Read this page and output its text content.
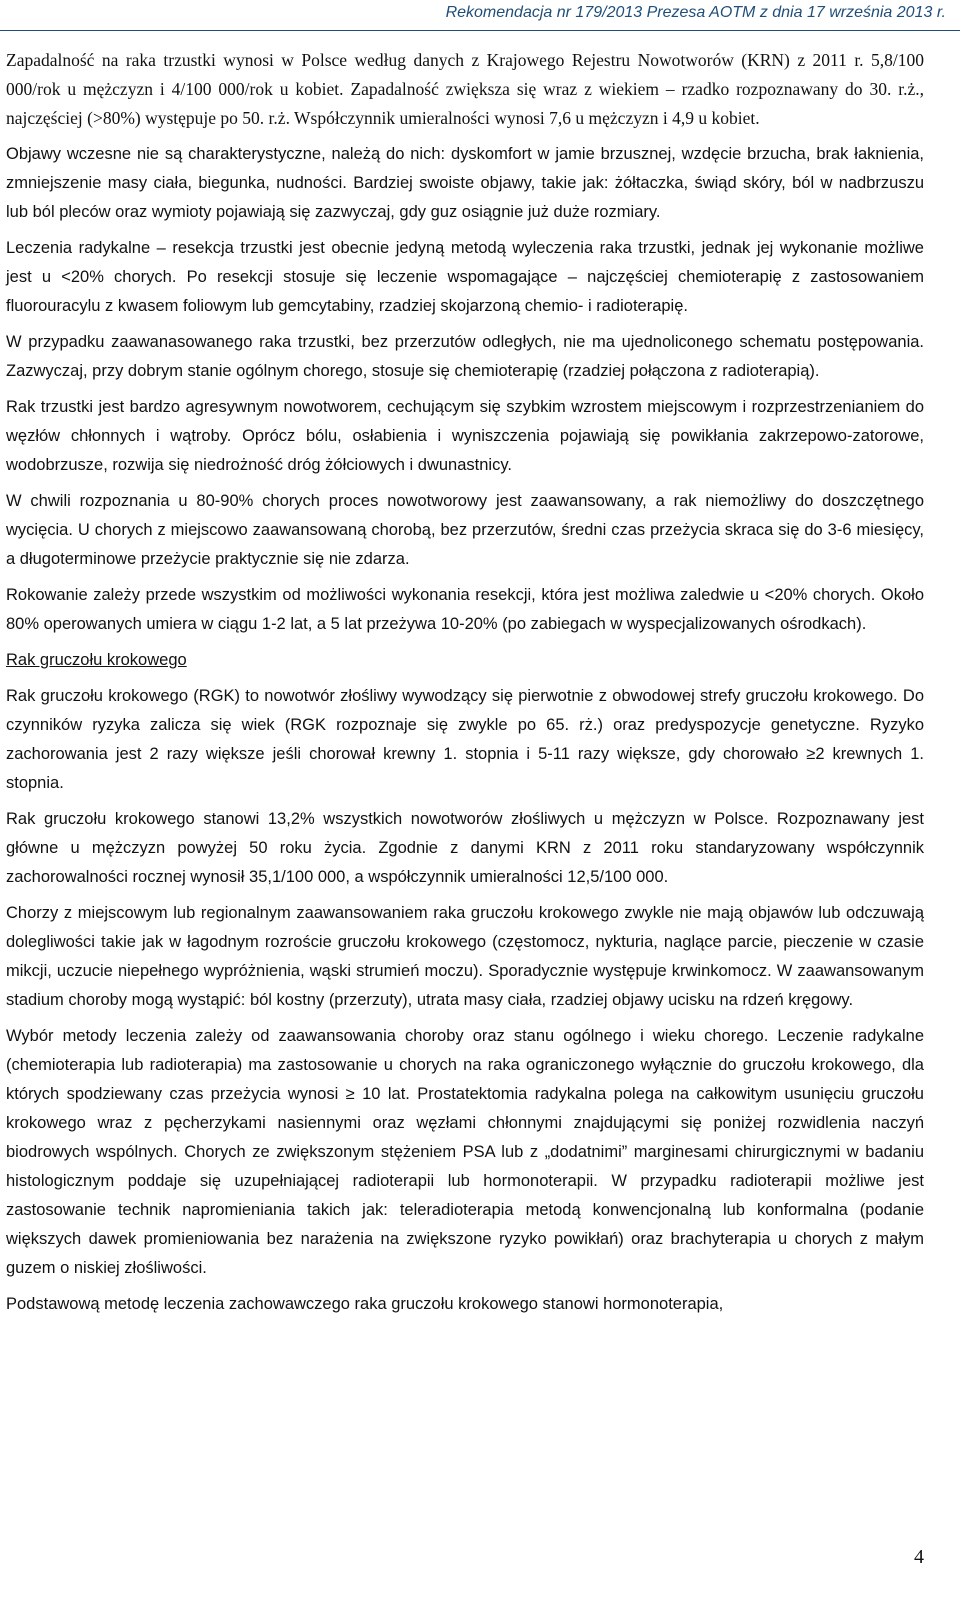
Rekomendacja nr 179/2013 Prezesa AOTM z dnia 17 września 2013 r.

Zapadalność na raka trzustki wynosi w Polsce według danych z Krajowego Rejestru Nowotworów (KRN) z 2011 r. 5,8/100 000/rok u mężczyzn i 4/100 000/rok u kobiet. Zapadalność zwiększa się wraz z wiekiem – rzadko rozpoznawany do 30. r.ż., najczęściej (>80%) występuje po 50. r.ż. Współczynnik umieralności wynosi 7,6 u mężczyzn i 4,9 u kobiet.

Objawy wczesne nie są charakterystyczne, należą do nich: dyskomfort w jamie brzusznej, wzdęcie brzucha, brak łaknienia, zmniejszenie masy ciała, biegunka, nudności. Bardziej swoiste objawy, takie jak: żółtaczka, świąd skóry, ból w nadbrzuszu lub ból pleców oraz wymioty pojawiają się zazwyczaj, gdy guz osiągnie już duże rozmiary.

Leczenia radykalne – resekcja trzustki jest obecnie jedyną metodą wyleczenia raka trzustki, jednak jej wykonanie możliwe jest u <20% chorych. Po resekcji stosuje się leczenie wspomagające – najczęściej chemioterapię z zastosowaniem fluorouracylu z kwasem foliowym lub gemcytabiny, rzadziej skojarzoną chemio- i radioterapię.

W przypadku zaawanasowanego raka trzustki, bez przerzutów odległych, nie ma ujednoliconego schematu postępowania. Zazwyczaj, przy dobrym stanie ogólnym chorego, stosuje się chemioterapię (rzadziej połączona z radioterapią).

Rak trzustki jest bardzo agresywnym nowotworem, cechującym się szybkim wzrostem miejscowym i rozprzestrzenianiem do węzłów chłonnych i wątroby. Oprócz bólu, osłabienia i wyniszczenia pojawiają się powikłania zakrzepowo-zatorowe, wodobrzusze, rozwija się niedrożność dróg żółciowych i dwunastnicy.

W chwili rozpoznania u 80-90% chorych proces nowotworowy jest zaawansowany, a rak niemożliwy do doszczętnego wycięcia. U chorych z miejscowo zaawansowaną chorobą, bez przerzutów, średni czas przeżycia skraca się do 3-6 miesięcy, a długoterminowe przeżycie praktycznie się nie zdarza.

Rokowanie zależy przede wszystkim od możliwości wykonania resekcji, która jest możliwa zaledwie u <20% chorych. Około 80% operowanych umiera w ciągu 1-2 lat, a 5 lat przeżywa 10-20% (po zabiegach w wyspecjalizowanych ośrodkach).

Rak gruczołu krokowego

Rak gruczołu krokowego (RGK) to nowotwór złośliwy wywodzący się pierwotnie z obwodowej strefy gruczołu krokowego. Do czynników ryzyka zalicza się wiek (RGK rozpoznaje się zwykle po 65. rż.) oraz predyspozycje genetyczne. Ryzyko zachorowania jest 2 razy większe jeśli chorował krewny 1. stopnia i 5-11 razy większe, gdy chorowało ≥2 krewnych 1. stopnia.

Rak gruczołu krokowego stanowi 13,2% wszystkich nowotworów złośliwych u mężczyzn w Polsce. Rozpoznawany jest główne u mężczyzn powyżej 50 roku życia. Zgodnie z danymi KRN z 2011 roku standaryzowany współczynnik zachorowalności rocznej wynosił 35,1/100 000, a współczynnik umieralności 12,5/100 000.

Chorzy z miejscowym lub regionalnym zaawansowaniem raka gruczołu krokowego zwykle nie mają objawów lub odczuwają dolegliwości takie jak w łagodnym rozroście gruczołu krokowego (częstomocz, nykturia, naglące parcie, pieczenie w czasie mikcji, uczucie niepełnego wypróżnienia, wąski strumień moczu). Sporadycznie występuje krwinkomocz. W zaawansowanym stadium choroby mogą wystąpić: ból kostny (przerzuty), utrata masy ciała, rzadziej objawy ucisku na rdzeń kręgowy.

Wybór metody leczenia zależy od zaawansowania choroby oraz stanu ogólnego i wieku chorego. Leczenie radykalne (chemioterapia lub radioterapia) ma zastosowanie u chorych na raka ograniczonego wyłącznie do gruczołu krokowego, dla których spodziewany czas przeżycia wynosi ≥ 10 lat. Prostatektomia radykalna polega na całkowitym usunięciu gruczołu krokowego wraz z pęcherzykami nasiennymi oraz węzłami chłonnymi znajdującymi się poniżej rozwidlenia naczyń biodrowych wspólnych. Chorych ze zwiększonym stężeniem PSA lub z „dodatnimi” marginesami chirurgicznymi w badaniu histologicznym poddaje się uzupełniającej radioterapii lub hormonoterapii. W przypadku radioterapii możliwe jest zastosowanie technik napromieniania takich jak: teleradioterapia metodą konwencjonalną lub konformalna (podanie większych dawek promieniowania bez narażenia na zwiększone ryzyko powikłań) oraz brachyterapia u chorych z małym guzem o niskiej złośliwości.

Podstawową metodę leczenia zachowawczego raka gruczołu krokowego stanowi hormonoterapia,

4
